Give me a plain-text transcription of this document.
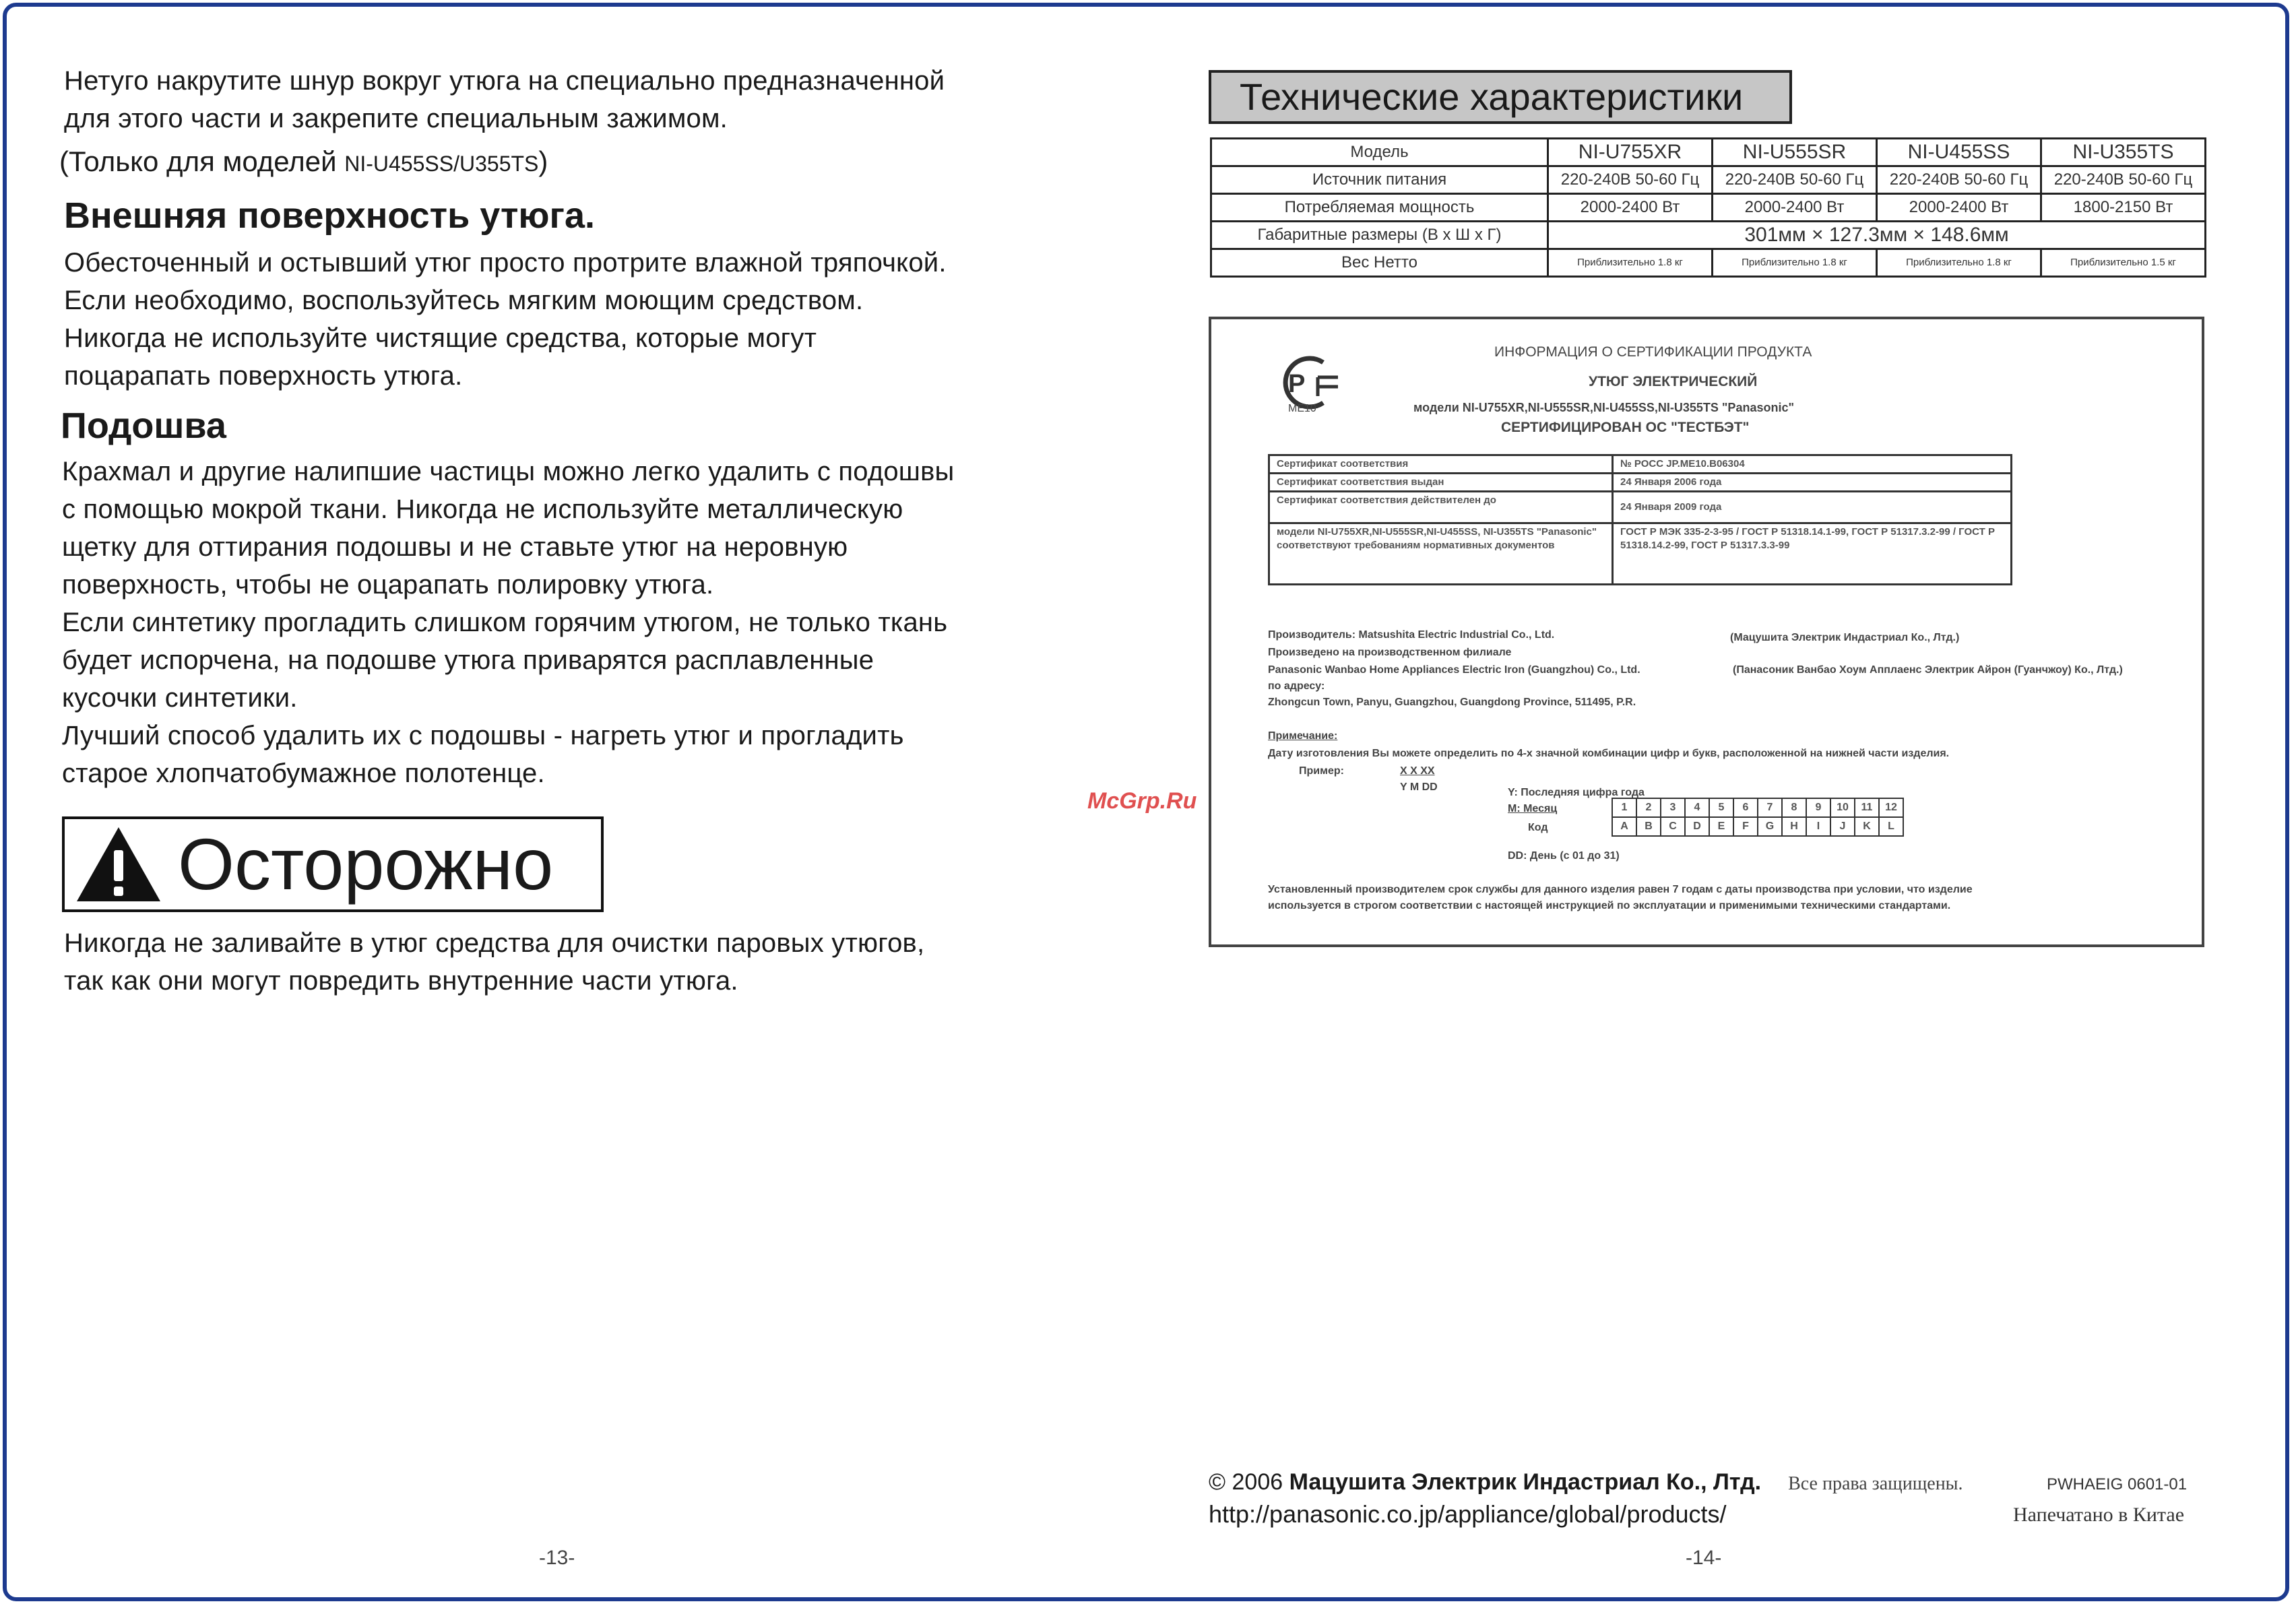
Нетуго накрутите шнур вокруг утюга на специально предназначенной

для этого части и закрепите специальным зажимом.

(Только для моделей NI-U455SS/U355TS)
Внешняя поверхность утюга.

Обесточенный и остывший утюг просто протрите влажной тряпочкой.

Если необходимо, воспользуйтесь мягким моющим средством.

Никогда не используйте чистящие средства, которые могут

поцарапать поверхность утюга.

Подошва

Крахмал и другие налипшие частицы можно легко удалить с подошвы

с помощью мокрой ткани. Никогда не используйте металлическую

щетку для оттирания подошвы и не ставьте утюг на неровную

поверхность, чтобы не оцарапать полировку утюга.

Если синтетику прогладить слишком горячим утюгом, не только ткань

будет испорчена, на подошве утюга приварятся расплавленные

кусочки синтетики.

Лучший способ удалить их с подошвы - нагреть утюг и прогладить

старое хлопчатобумажное полотенце.

Осторожно

Никогда не заливайте в утюг средства для очистки паровых утюгов,

так как они могут повредить внутренние части утюга.

-13-
Технические характеристики
Модель	NI-U755XR	NI-U555SR	NI-U455SS	NI-U355TS
Источник питания	220-240В 50-60 Гц	220-240В 50-60 Гц	220-240В 50-60 Гц	220-240В 50-60 Гц
Потребляемая мощность	2000-2400 Вт	2000-2400 Вт	2000-2400 Вт	1800-2150 Вт
Габаритные размеры (В х Ш х Г)	301мм × 127.3мм × 148.6мм			
Вес Нетто	Приблизительно 1.8 кг	Приблизительно 1.8 кг	Приблизительно 1.8 кг	Приблизительно 1.5 кг
P
МЕ10
ИНФОРМАЦИЯ О СЕРТИФИКАЦИИ ПРОДУКТА
УТЮГ ЭЛЕКТРИЧЕСКИЙ
модели NI-U755XR,NI-U555SR,NI-U455SS,NI-U355TS "Panasonic"
СЕРТИФИЦИРОВАН ОС "ТЕСТБЭТ"
Сертификат соответствия	№ РОСС JP.МЕ10.В06304
Сертификат соответствия выдан	24 Января 2006 года
Сертификат соответствия действителен до	24 Января 2009 года
модели NI-U755XR,NI-U555SR,NI-U455SS, NI-U355TS "Panasonic" соответствуют требованиям нормативных документов	ГОСТ Р МЭК 335-2-3-95 / ГОСТ Р 51318.14.1-99, ГОСТ Р 51317.3.2-99 / ГОСТ Р 51318.14.2-99, ГОСТ Р 51317.3.3-99
Производитель: Matsushita Electric Industrial Co., Ltd.	(Мацушита Электрик Индастриал Ко., Лтд.)
Произведено на производственном филиале
Panasonic Wanbao Home Appliances Electric Iron (Guangzhou) Co., Ltd.	(Панасоник Ванбао Хоум Апплаенс Электрик Айрон (Гуанчжоу) Ко., Лтд.)
по адресу:
Zhongcun Town, Panyu, Guangzhou, Guangdong Province, 511495, P.R.
Примечание:
Дату изготовления Вы можете определить по 4-х значной комбинации цифр и букв, расположенной на нижней части изделия.
Пример:	X X XX
Y M DD	Y: Последняя цифра года
M: Месяц
Код
1	2	3	4	5	6	7	8	9	10	11	12
A	B	C	D	E	F	G	H	I	J	K	L
DD: День (с 01 до 31)
Установленный производителем срок службы для данного изделия равен 7 годам с даты производства при условии, что изделие
используется в строгом соответствии с настоящей инструкцией по эксплуатации и применимыми техническими стандартами.
McGrp.Ru
© 2006 Мацушита Электрик Индастриал Ко., Лтд. Все права защищены.	PWHAEIG 0601-01
http://panasonic.co.jp/appliance/global/products/	Напечатано в Китае
-14-
